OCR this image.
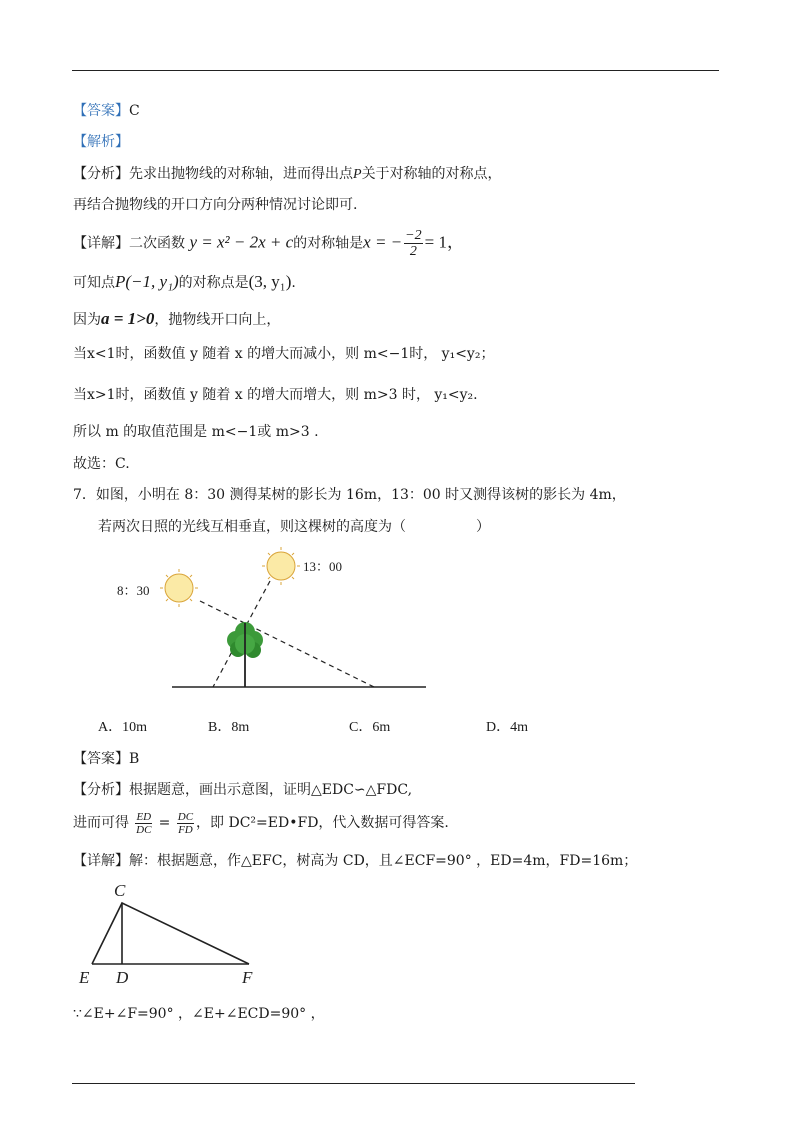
【答案】C
【解析】
【分析】先求出抛物线的对称轴，进而得出点P关于对称轴的对称点，
再结合抛物线的开口方向分两种情况讨论即可.
【详解】二次函数 y = x² − 2x + c的对称轴是x = − $\frac{-2}{2} = 1$，
可知点P(−1, y₁)的对称点是(3, y₁).
因为a = 1>0，抛物线开口向上，
当x<1时，函数值 y 随着 x 的增大而减小，则 m<−1时， y₁<y₂；
当x>1时，函数值 y 随着 x 的增大而增大，则 m>3 时， y₁<y₂.
所以 m 的取值范围是 m<−1或 m>3 .
故选：C.
7．如图，小明在 8：30 测得某树的影长为 16m，13：00 时又测得该树的影长为 4m，
若两次日照的光线互相垂直，则这棵树的高度为（　　　　　）
8：30
13：00
A．10m	B．8m	C．6m	D．4m
【答案】B
【分析】根据题意，画出示意图，证明△EDC∽△FDC,
进而可得 $\frac{ED}{DC} = \frac{DC}{FD}$ ，即 DC²=ED•FD，代入数据可得答案.
【详解】解：根据题意，作△EFC，树高为 CD，且∠ECF=90° ，ED=4m，FD=16m；
C
E D	F
∵∠E+∠F=90° ，∠E+∠ECD=90° ，
